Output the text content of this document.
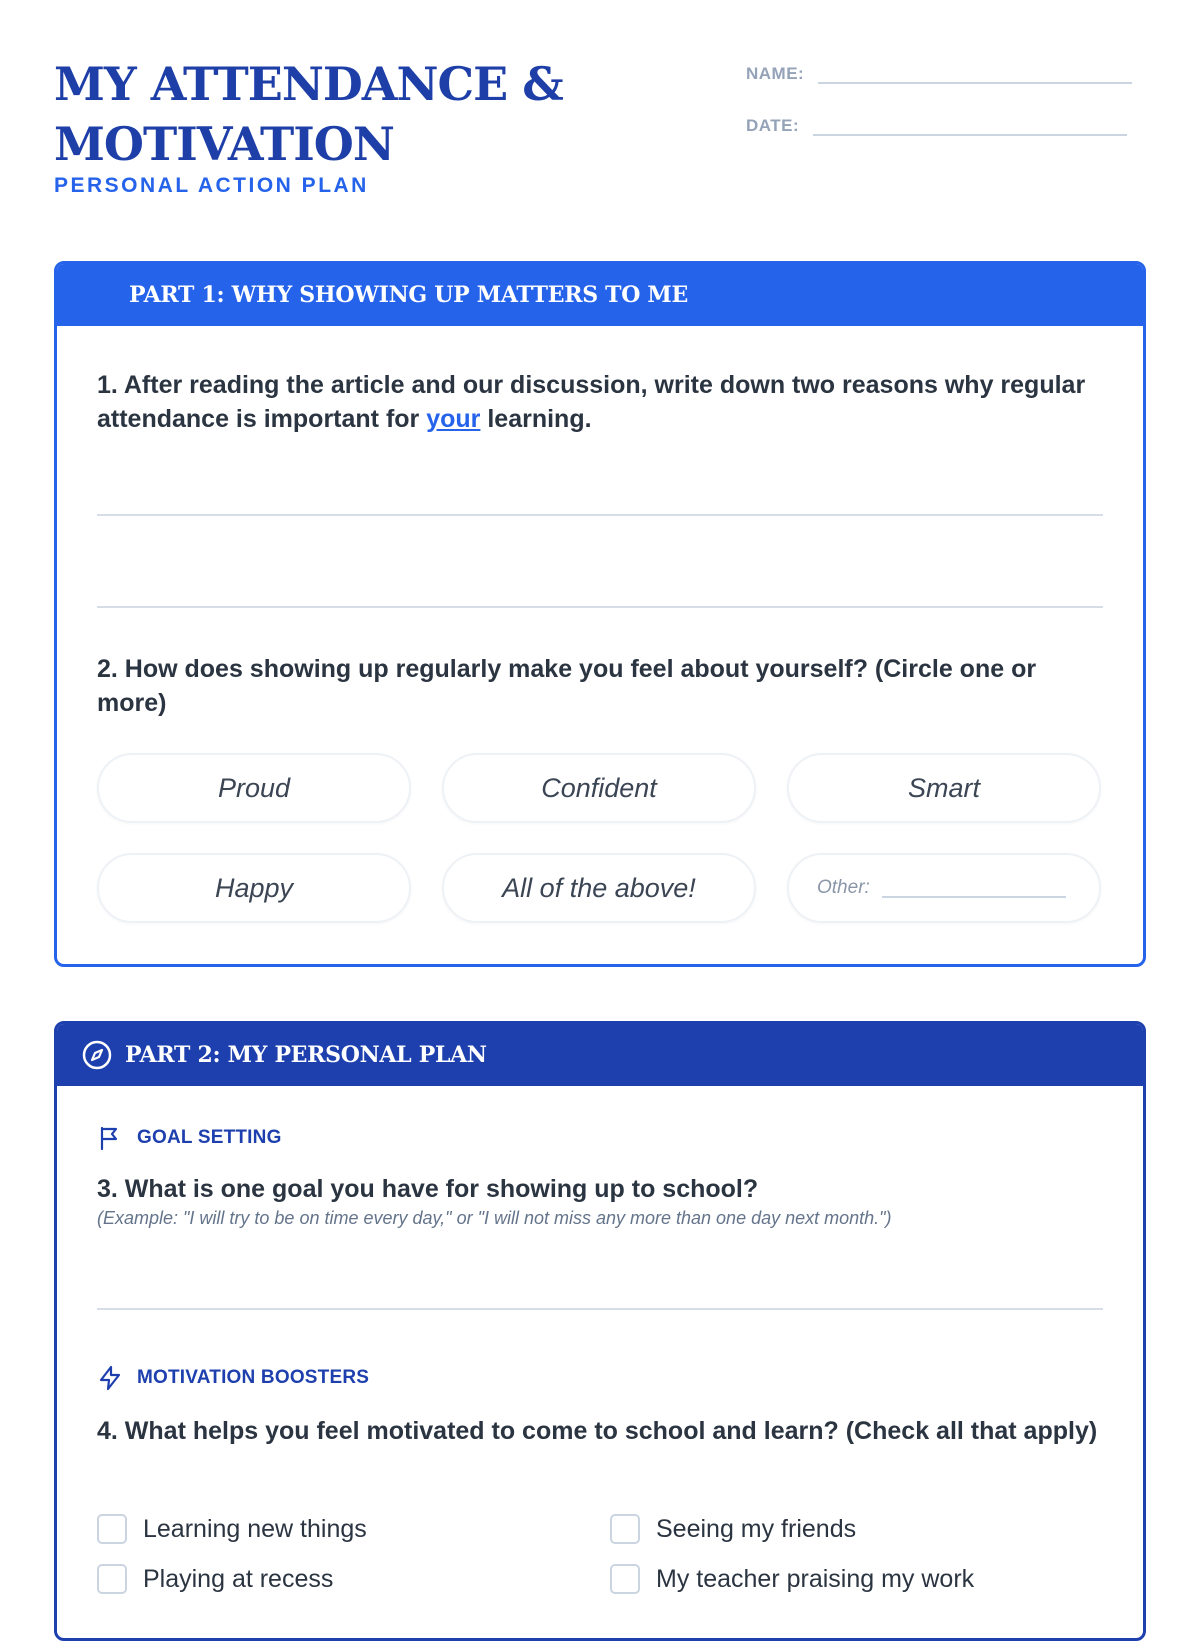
MY ATTENDANCE &
MOTIVATION
PERSONAL ACTION PLAN
NAME:
DATE:
PART 1: WHY SHOWING UP MATTERS TO ME
1. After reading the article and our discussion, write down two reasons why regular attendance is important for your learning.
2. How does showing up regularly make you feel about yourself? (Circle one or more)
Proud	Confident	Smart
Happy	All of the above!	Other:
PART 2: MY PERSONAL PLAN
GOAL SETTING
3. What is one goal you have for showing up to school?
(Example: "I will try to be on time every day," or "I will not miss any more than one day next month.")
MOTIVATION BOOSTERS
4. What helps you feel motivated to come to school and learn? (Check all that apply)
Learning new things	Seeing my friends
Playing at recess	My teacher praising my work
